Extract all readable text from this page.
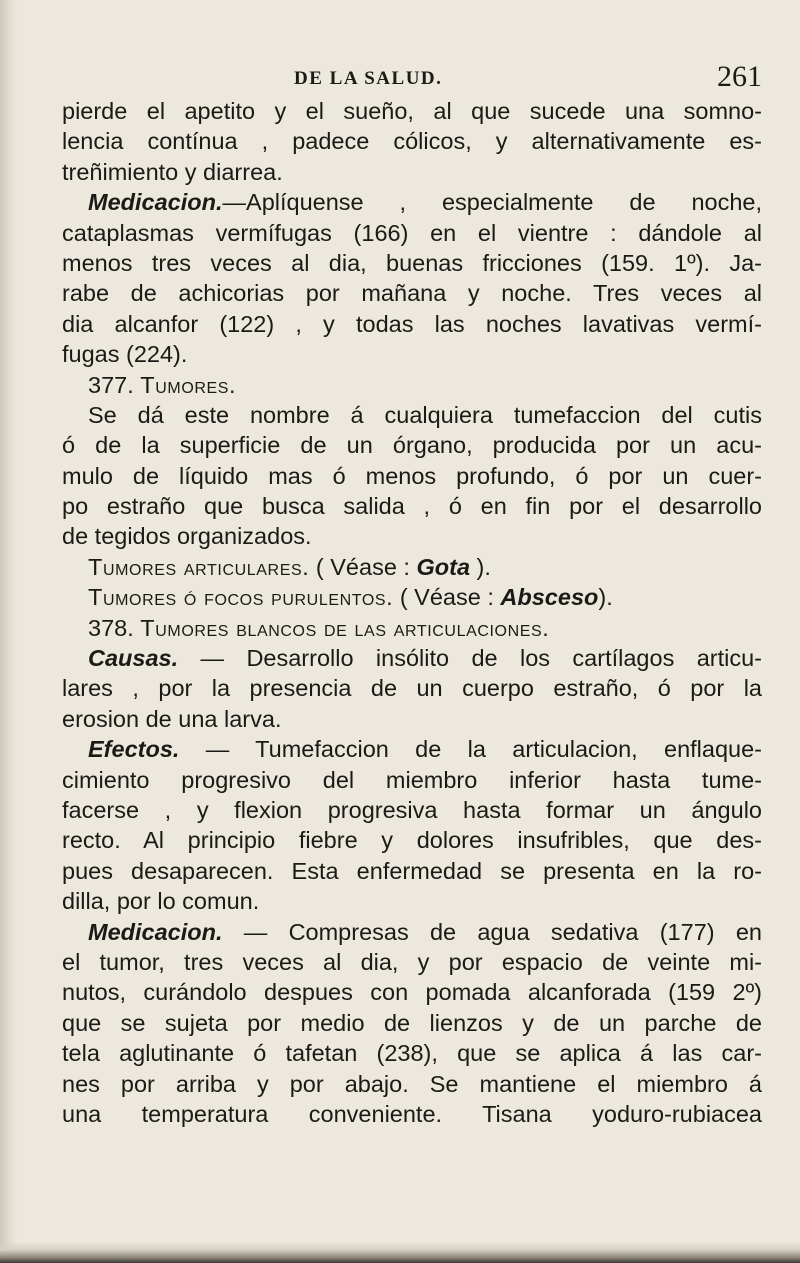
DE LA SALUD.	261
pierde el apetito y el sueño, al que sucede una somno-
lencia contínua , padece cólicos, y alternativamente es-
treñimiento y diarrea.
Medicacion.—Aplíquense , especialmente de noche,
cataplasmas vermífugas (166) en el vientre : dándole al
menos tres veces al dia, buenas fricciones (159. 1º). Ja-
rabe de achicorias por mañana y noche. Tres veces al
dia alcanfor (122) , y todas las noches lavativas vermí-
fugas (224).
377. Tumores.
Se dá este nombre á cualquiera tumefaccion del cutis
ó de la superficie de un órgano, producida por un acu-
mulo de líquido mas ó menos profundo, ó por un cuer-
po estraño que busca salida , ó en fin por el desarrollo
de tegidos organizados.
Tumores articulares. ( Véase : Gota ).
Tumores ó focos purulentos. ( Véase : Absceso).
378. Tumores blancos de las articulaciones.
Causas. — Desarrollo insólito de los cartílagos articu-
lares , por la presencia de un cuerpo estraño, ó por la
erosion de una larva.
Efectos. — Tumefaccion de la articulacion, enflaque-
cimiento progresivo del miembro inferior hasta tume-
facerse , y flexion progresiva hasta formar un ángulo
recto. Al principio fiebre y dolores insufribles, que des-
pues desaparecen. Esta enfermedad se presenta en la ro-
dilla, por lo comun.
Medicacion. — Compresas de agua sedativa (177) en
el tumor, tres veces al dia, y por espacio de veinte mi-
nutos, curándolo despues con pomada alcanforada (159 2º)
que se sujeta por medio de lienzos y de un parche de
tela aglutinante ó tafetan (238), que se aplica á las car-
nes por arriba y por abajo. Se mantiene el miembro á
una temperatura conveniente. Tisana yoduro-rubiacea
